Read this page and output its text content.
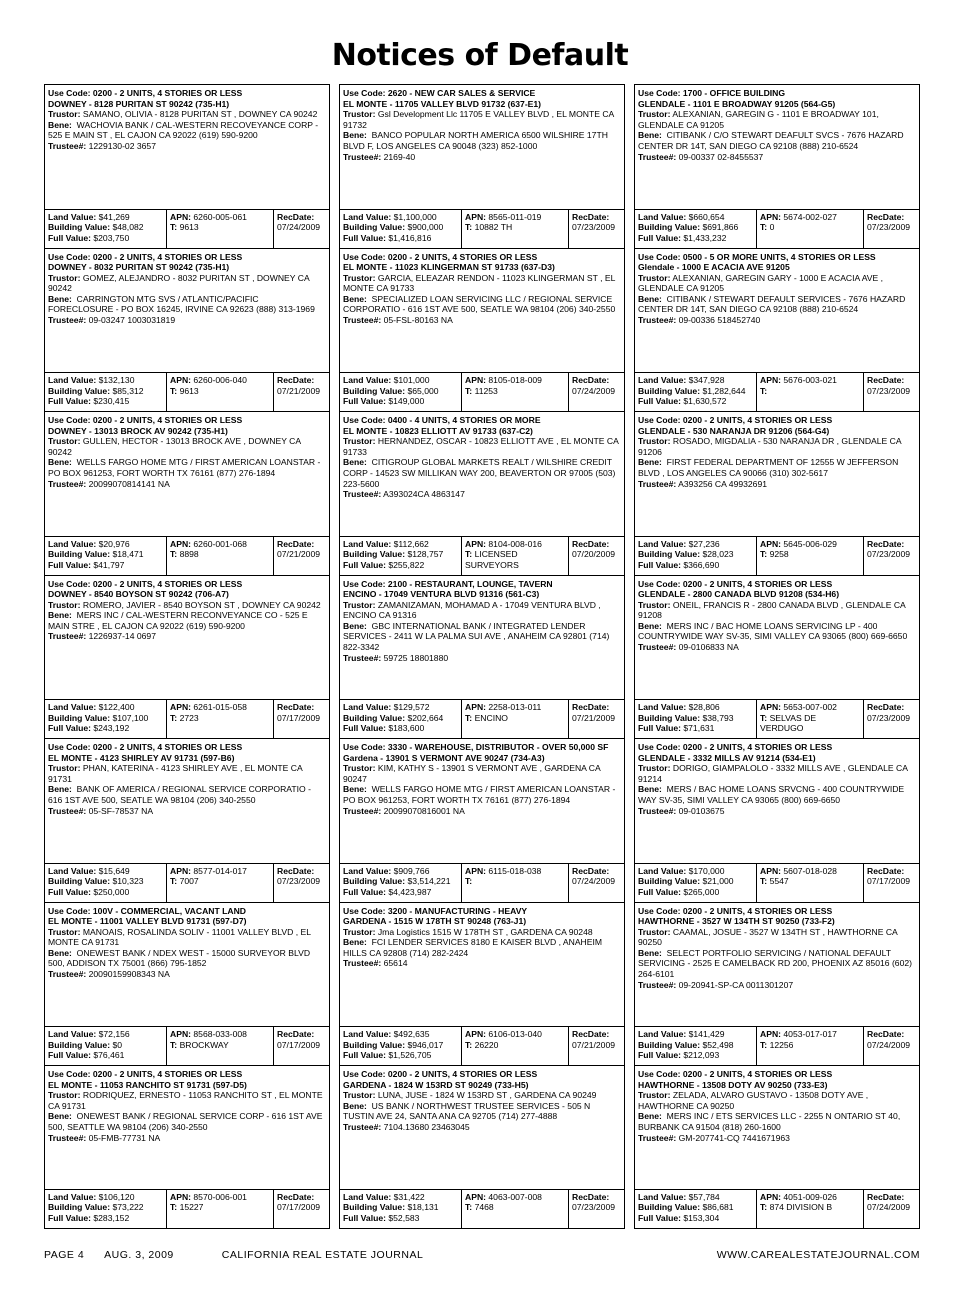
Notices of Default
Use Code: 0200 - 2 UNITS, 4 STORIES OR LESS
DOWNEY - 8128 PURITAN ST 90242 (735-H1)
Trustor: SAMANO, OLIVIA - 8128 PURITAN ST , DOWNEY CA 90242
Bene: WACHOVIA BANK / CAL-WESTERN RECOVEYANCE CORP - 525 E MAIN ST , EL CAJON CA 92022 (619) 590-9200
Trustee#: 1229130-02 3657
Land Value: $41,269
Building Value: $48,082
Full Value: $203,750
APN: 6260-005-061
T: 9613
RecDate:
07/24/2009
Use Code: 2620 - NEW CAR SALES & SERVICE
EL MONTE - 11705 VALLEY BLVD 91732 (637-E1)
Trustor: Gsl Development Llc 11705 E VALLEY BLVD , EL MONTE CA 91732
Bene: BANCO POPULAR NORTH AMERICA 6500 WILSHIRE 17TH BLVD F, LOS ANGELES CA 90048 (323) 852-1000
Trustee#: 2169-40
Land Value: $1,100,000
Building Value: $900,000
Full Value: $1,416,816
APN: 8565-011-019
T: 10882 TH
RecDate:
07/23/2009
Use Code: 1700 - OFFICE BUILDING
GLENDALE - 1101 E BROADWAY 91205 (564-G5)
Trustor: ALEXANIAN, GAREGIN G - 1101 E BROADWAY 101, GLENDALE CA 91205
Bene: CITIBANK / C/O STEWART DEAFULT SVCS - 7676 HAZARD CENTER DR 14T, SAN DIEGO CA 92108 (888) 210-6524
Trustee#: 09-00337 02-8455537
Land Value: $660,654
Building Value: $691,866
Full Value: $1,433,232
APN: 5674-002-027
T: 0
RecDate:
07/23/2009
Use Code: 0200 - 2 UNITS, 4 STORIES OR LESS
DOWNEY - 8032 PURITAN ST 90242 (735-H1)
Trustor: GOMEZ, ALEJANDRO - 8032 PURITAN ST , DOWNEY CA 90242
Bene: CARRINGTON MTG SVS / ATLANTIC/PACIFIC FORECLOSURE - PO BOX 16245, IRVINE CA 92623 (888) 313-1969
Trustee#: 09-03247 1003031819
Land Value: $132,130
Building Value: $85,312
Full Value: $230,415
APN: 6260-006-040
T: 9613
RecDate:
07/21/2009
Use Code: 0200 - 2 UNITS, 4 STORIES OR LESS
EL MONTE - 11023 KLINGERMAN ST 91733 (637-D3)
Trustor: GARCIA, ELEAZAR RENDON - 11023 KLINGERMAN ST , EL MONTE CA 91733
Bene: SPECIALIZED LOAN SERVICING LLC / REGIONAL SERVICE CORPORATIO - 616 1ST AVE 500, SEATLE WA 98104 (206) 340-2550
Trustee#: 05-FSL-80163 NA
Land Value: $101,000
Building Value: $65,000
Full Value: $149,000
APN: 8105-018-009
T: 11253
RecDate:
07/24/2009
Use Code: 0500 - 5 OR MORE UNITS, 4 STORIES OR LESS
Glendale - 1000 E ACACIA AVE 91205
Trustor: ALEXANIAN, GAREGIN GARY - 1000 E ACACIA AVE , GLENDALE CA 91205
Bene: CITIBANK / STEWART DEFAULT SERVICES - 7676 HAZARD CENTER DR 14T, SAN DIEGO CA 92108 (888) 210-6524
Trustee#: 09-00336 518452740
Land Value: $347,928
Building Value: $1,282,644
Full Value: $1,630,572
APN: 5676-003-021
T:
RecDate:
07/23/2009
Use Code: 0200 - 2 UNITS, 4 STORIES OR LESS
DOWNEY - 13013 BROCK AV 90242 (735-H1)
Trustor: GULLEN, HECTOR - 13013 BROCK AVE , DOWNEY CA 90242
Bene: WELLS FARGO HOME MTG / FIRST AMERICAN LOANSTAR - PO BOX 961253, FORT WORTH TX 76161 (877) 276-1894
Trustee#: 20099070814141 NA
Land Value: $20,976
Building Value: $18,471
Full Value: $41,797
APN: 6260-001-068
T: 8898
RecDate:
07/21/2009
Use Code: 0400 - 4 UNITS, 4 STORIES OR MORE
EL MONTE - 10823 ELLIOTT AV 91733 (637-C2)
Trustor: HERNANDEZ, OSCAR - 10823 ELLIOTT AVE , EL MONTE CA 91733
Bene: CITIGROUP GLOBAL MARKETS REALT / WILSHIRE CREDIT CORP - 14523 SW MILLIKAN WAY 200, BEAVERTON OR 97005 (503) 223-5600
Trustee#: A393024CA 4863147
Land Value: $112,662
Building Value: $128,757
Full Value: $255,822
APN: 8104-008-016
T: LICENSED SURVEYORS
RecDate:
07/20/2009
Use Code: 0200 - 2 UNITS, 4 STORIES OR LESS
GLENDALE - 530 NARANJA DR 91206 (564-G4)
Trustor: ROSADO, MIGDALIA - 530 NARANJA DR , GLENDALE CA 91206
Bene: FIRST FEDERAL DEPARTMENT OF 12555 W JEFFERSON BLVD , LOS ANGELES CA 90066 (310) 302-5617
Trustee#: A393256 CA 49932691
Land Value: $27,236
Building Value: $28,023
Full Value: $366,690
APN: 5645-006-029
T: 9258
RecDate:
07/23/2009
Use Code: 0200 - 2 UNITS, 4 STORIES OR LESS
DOWNEY - 8540 BOYSON ST 90242 (706-A7)
Trustor: ROMERO, JAVIER - 8540 BOYSON ST , DOWNEY CA 90242
Bene: MERS INC / CAL-WESTERN RECONVEYANCE CO - 525 E MAIN STRE , EL CAJON CA 92022 (619) 590-9200
Trustee#: 1226937-14 0697
Land Value: $122,400
Building Value: $107,100
Full Value: $243,192
APN: 6261-015-058
T: 2723
RecDate:
07/17/2009
Use Code: 2100 - RESTAURANT, LOUNGE, TAVERN
ENCINO - 17049 VENTURA BLVD 91316 (561-C3)
Trustor: ZAMANIZAMAN, MOHAMAD A - 17049 VENTURA BLVD , ENCINO CA 91316
Bene: GBC INTERNATIONAL BANK / INTEGRATED LENDER SERVICES - 2411 W LA PALMA SUI AVE , ANAHEIM CA 92801 (714) 822-3342
Trustee#: 59725 18801880
Land Value: $129,572
Building Value: $202,664
Full Value: $183,600
APN: 2258-013-011
T: ENCINO
RecDate:
07/21/2009
Use Code: 0200 - 2 UNITS, 4 STORIES OR LESS
GLENDALE - 2800 CANADA BLVD 91208 (534-H6)
Trustor: ONEIL, FRANCIS R - 2800 CANADA BLVD , GLENDALE CA 91208
Bene: MERS INC / BAC HOME LOANS SERVICING LP - 400 COUNTRYWIDE WAY SV-35, SIMI VALLEY CA 93065 (800) 669-6650
Trustee#: 09-0106833 NA
Land Value: $28,806
Building Value: $38,793
Full Value: $71,631
APN: 5653-007-002
T: SELVAS DE VERDUGO
RecDate:
07/23/2009
Use Code: 0200 - 2 UNITS, 4 STORIES OR LESS
EL MONTE - 4123 SHIRLEY AV 91731 (597-B6)
Trustor: PHAN, KATERINA - 4123 SHIRLEY AVE , EL MONTE CA 91731
Bene: BANK OF AMERICA / REGIONAL SERVICE CORPORATIO - 616 1ST AVE 500, SEATLE WA 98104 (206) 340-2550
Trustee#: 05-SF-78537 NA
Land Value: $15,649
Building Value: $10,323
Full Value: $250,000
APN: 8577-014-017
T: 7007
RecDate:
07/23/2009
Use Code: 3330 - WAREHOUSE, DISTRIBUTOR - OVER 50,000 SF
Gardena - 13901 S VERMONT AVE 90247 (734-A3)
Trustor: KIM, KATHY S - 13901 S VERMONT AVE , GARDENA CA 90247
Bene: WELLS FARGO HOME MTG / FIRST AMERICAN LOANSTAR - PO BOX 961253, FORT WORTH TX 76161 (877) 276-1894
Trustee#: 20099070816001 NA
Land Value: $909,766
Building Value: $3,514,221
Full Value: $4,423,987
APN: 6115-018-038
T:
RecDate:
07/24/2009
Use Code: 0200 - 2 UNITS, 4 STORIES OR LESS
GLENDALE - 3332 MILLS AV 91214 (534-E1)
Trustor: DORIGO, GIAMPALOLO - 3332 MILLS AVE , GLENDALE CA 91214
Bene: MERS / BAC HOME LOANS SRVCNG - 400 COUNTRYWIDE WAY SV-35, SIMI VALLEY CA 93065 (800) 669-6650
Trustee#: 09-0103675
Land Value: $170,000
Building Value: $21,000
Full Value: $265,000
APN: 5607-018-028
T: 5547
RecDate:
07/17/2009
Use Code: 100V - COMMERCIAL, VACANT LAND
EL MONTE - 11001 VALLEY BLVD 91731 (597-D7)
Trustor: MANOAIS, ROSALINDA SOLIV - 11001 VALLEY BLVD , EL MONTE CA 91731
Bene: ONEWEST BANK / NDEX WEST - 15000 SURVEYOR BLVD 500, ADDISON TX 75001 (866) 795-1852
Trustee#: 20090159908343 NA
Land Value: $72,156
Building Value: $0
Full Value: $76,461
APN: 8568-033-008
T: BROCKWAY
RecDate:
07/17/2009
Use Code: 3200 - MANUFACTURING - HEAVY
GARDENA - 1515 W 178TH ST 90248 (763-J1)
Trustor: Jma Logistics 1515 W 178TH ST , GARDENA CA 90248
Bene: FCI LENDER SERVICES 8180 E KAISER BLVD , ANAHEIM HILLS CA 92808 (714) 282-2424
Trustee#: 65614
Land Value: $492,635
Building Value: $946,017
Full Value: $1,526,705
APN: 6106-013-040
T: 26220
RecDate:
07/21/2009
Use Code: 0200 - 2 UNITS, 4 STORIES OR LESS
HAWTHORNE - 3527 W 134TH ST 90250 (733-F2)
Trustor: CAAMAL, JOSUE - 3527 W 134TH ST , HAWTHORNE CA 90250
Bene: SELECT PORTFOLIO SERVICING / NATIONAL DEFAULT SERVICING - 2525 E CAMELBACK RD 200, PHOENIX AZ 85016 (602) 264-6101
Trustee#: 09-20941-SP-CA 0011301207
Land Value: $141,429
Building Value: $52,498
Full Value: $212,093
APN: 4053-017-017
T: 12256
RecDate:
07/24/2009
Use Code: 0200 - 2 UNITS, 4 STORIES OR LESS
EL MONTE - 11053 RANCHITO ST 91731 (597-D5)
Trustor: RODRIQUEZ, ERNESTO - 11053 RANCHITO ST , EL MONTE CA 91731
Bene: ONEWEST BANK / REGIONAL SERVICE CORP - 616 1ST AVE 500, SEATTLE WA 98104 (206) 340-2550
Trustee#: 05-FMB-77731 NA
Land Value: $106,120
Building Value: $73,222
Full Value: $283,152
APN: 8570-006-001
T: 15227
RecDate:
07/17/2009
Use Code: 0200 - 2 UNITS, 4 STORIES OR LESS
GARDENA - 1824 W 153RD ST 90249 (733-H5)
Trustor: LUNA, JUSE - 1824 W 153RD ST , GARDENA CA 90249
Bene: US BANK / NORTHWEST TRUSTEE SERVICES - 505 N TUSTIN AVE 24, SANTA ANA CA 92705 (714) 277-4888
Trustee#: 7104.13680 23463045
Land Value: $31,422
Building Value: $18,131
Full Value: $52,583
APN: 4063-007-008
T: 7468
RecDate:
07/23/2009
Use Code: 0200 - 2 UNITS, 4 STORIES OR LESS
HAWTHORNE - 13508 DOTY AV 90250 (733-E3)
Trustor: ZELADA, ALVARO GUSTAVO - 13508 DOTY AVE , HAWTHORNE CA 90250
Bene: MERS INC / ETS SERVICES LLC - 2255 N ONTARIO ST 40, BURBANK CA 91504 (818) 260-1600
Trustee#: GM-207741-CQ 7441671963
Land Value: $57,784
Building Value: $86,681
Full Value: $153,304
APN: 4051-009-026
T: 874 DIVISION B
RecDate:
07/24/2009
PAGE 4 AUG. 3, 2009	CALIFORNIA REAL ESTATE JOURNAL	WWW.CAREALESTATEJOURNAL.COM
